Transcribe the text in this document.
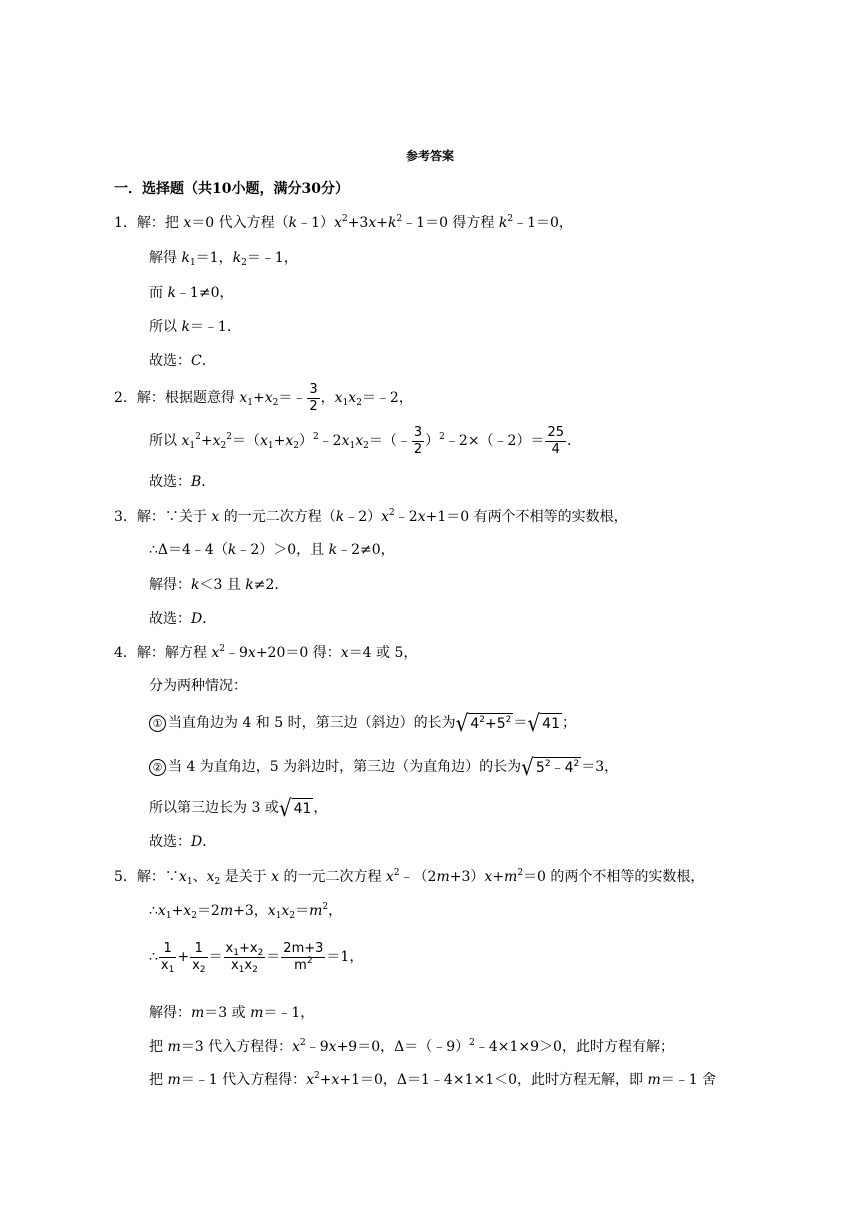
参考答案
一．选择题（共10小题，满分30分）
1．解：把 x＝0 代入方程$(k﹣1)x^2+3x+k^2﹣1=0$ 得方程 $k^2﹣1=0$，
解得 $k_1=1$，$k_2=﹣1$，
而 k﹣1≠0，
所以 k＝﹣1．
故选：C．
2．解：根据题意得 $x_1+x_2=﹣ \frac{3}{2}$ ，$x_1x_2=﹣2$，
所以 $x_1^2+x_2^2=(x_1+x_2)^2﹣2x_1x_2=(﹣ \frac{3}{2}$ ）$^2$﹣2×（﹣2）＝ $\frac{25}{4}$ ．
故选：B．
3．解：∵关于 x 的一元二次方程$(k﹣2)x^2﹣2x+1=0$ 有两个不相等的实数根，
∴Δ＝4﹣4（k﹣2）＞0，且 k﹣2≠0，
解得：k＜3 且 k≠2．
故选：D．
4．解：解方程 $x^2﹣9x+20=0$ 得：x＝4 或 5，
分为两种情况：
① 当直角边为 4 和 5 时，第三边（斜边）的长为√ $4^2+5^2$ ＝√ 41 ；
② 当 4 为直角边，5 为斜边时，第三边（为直角边）的长为√ $5^2﹣4^2 =3$，
所以第三边长为 3 或√ 41 ，
故选：D．
5．解：$\because x_1$、$x_2$ 是关于 x 的一元二次方程 $x^2﹣(2m+3)x+m^2=0$ 的两个不相等的实数根，
$\therefore x_1+x_2=2m+3$，$x_1x_2=m^2$，
∴ $\frac{1}{x_1} + \frac{1}{x_2} = \frac{x_1+x_2}{x_1x_2} = \frac{2m+3}{m^2} =1$，
解得：m＝3 或 m＝﹣1，
把 m＝3 代入方程得：$x^2﹣9x+9=0$，Δ＝（﹣9）$^2$﹣4×1×9＞0，此时方程有解；
把 m＝﹣1 代入方程得：$x^2+x+1=0$，Δ＝1﹣4×1×1＜0，此时方程无解，即 m＝﹣1 舍
